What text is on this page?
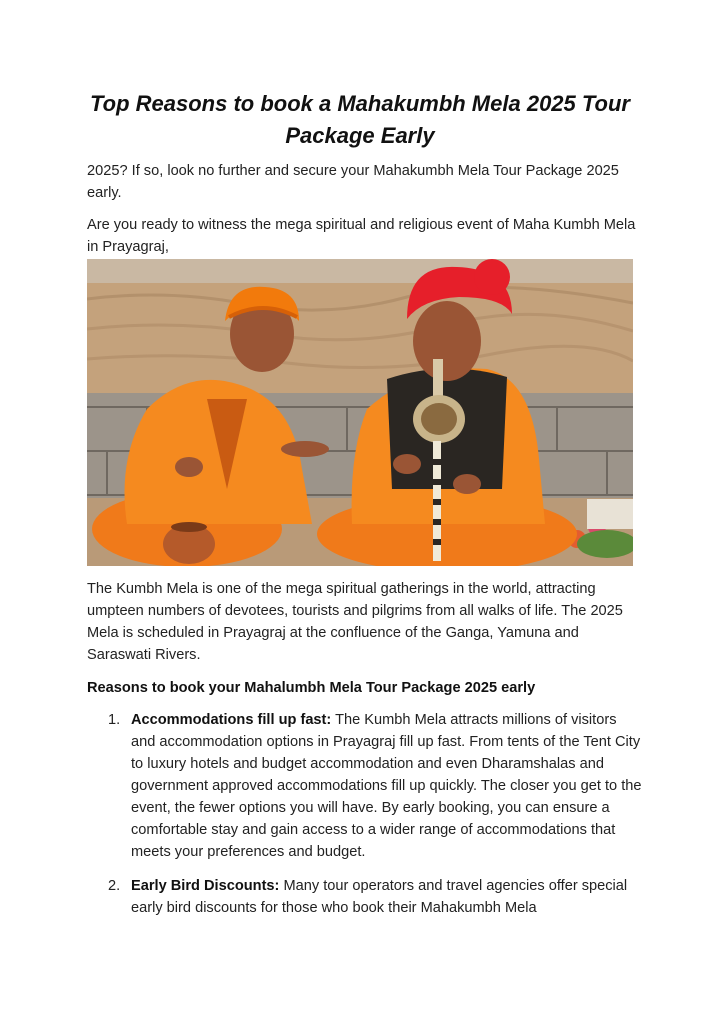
Top Reasons to book a Mahakumbh Mela 2025 Tour Package Early
2025? If so, look no further and secure your Mahakumbh Mela Tour Package 2025 early.
Are you ready to witness the mega spiritual and religious event of Maha Kumbh Mela in Prayagraj,
The Kumbh Mela is one of the mega spiritual gatherings in the world, attracting umpteen numbers of devotees, tourists and pilgrims from all walks of life. The 2025 Mela is scheduled in Prayagraj at the confluence of the Ganga, Yamuna and Saraswati Rivers.
Reasons to book your Mahalumbh Mela Tour Package 2025 early
1. Accommodations fill up fast: The Kumbh Mela attracts millions of visitors and accommodation options in Prayagraj fill up fast. From tents of the Tent City to luxury hotels and budget accommodation and even Dharamshalas and government approved accommodations fill up quickly. The closer you get to the event, the fewer options you will have. By early booking, you can ensure a comfortable stay and gain access to a wider range of accommodations that meets your preferences and budget.
2. Early Bird Discounts: Many tour operators and travel agencies offer special early bird discounts for those who book their Mahakumbh Mela
